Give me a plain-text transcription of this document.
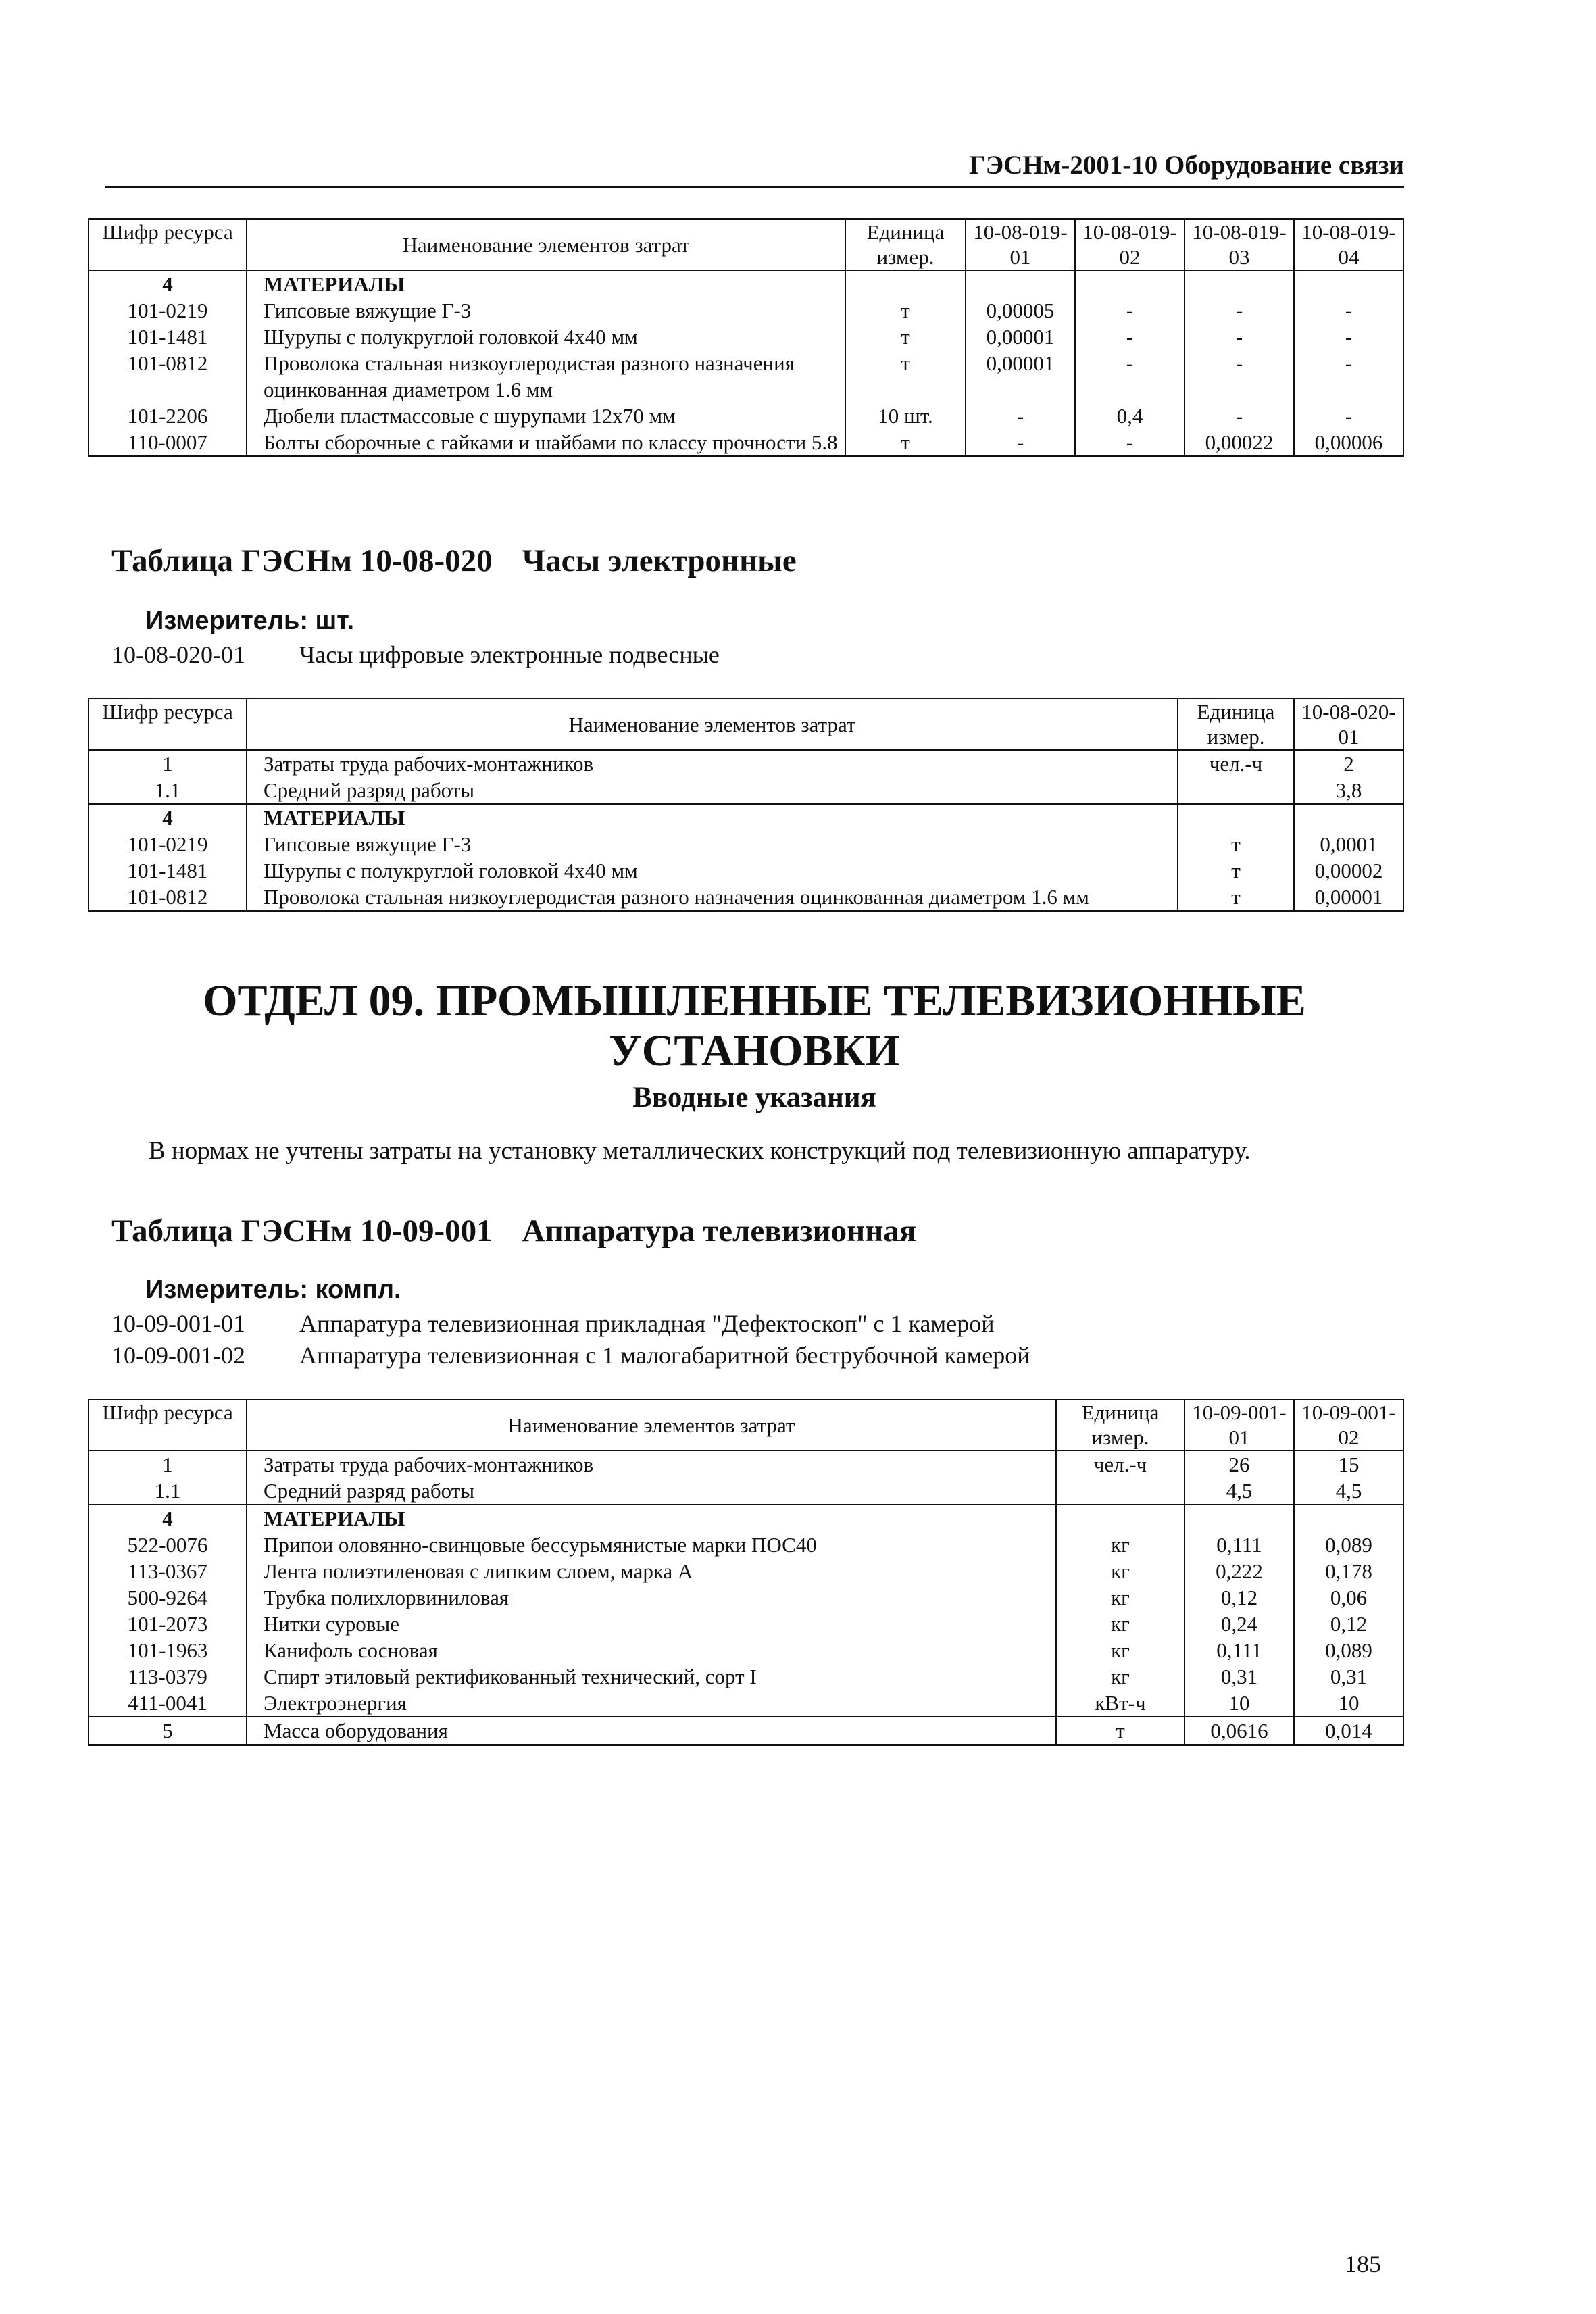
ГЭСНм-2001-10 Оборудование связи
Шифр ресурса	Наименование элементов затрат	Единица измер.	10-08-019-01	10-08-019-02	10-08-019-03	10-08-019-04
4	МАТЕРИАЛЫ					
101-0219	Гипсовые вяжущие Г-3	т	0,00005	-	-	-
101-1481	Шурупы с полукруглой головкой 4х40 мм	т	0,00001	-	-	-
101-0812	Проволока стальная низкоуглеродистая разного назначения оцинкованная диаметром 1.6 мм	т	0,00001	-	-	-
101-2206	Дюбели пластмассовые с шурупами 12х70 мм	10 шт.	-	0,4	-	-
110-0007	Болты сборочные с гайками и шайбами по классу прочности 5.8	т	-	-	0,00022	0,00006
Таблица ГЭСНм 10-08-020 Часы электронные
Измеритель: шт.
10-08-020-01 Часы цифровые электронные подвесные
Шифр ресурса	Наименование элементов затрат	Единица измер.	10-08-020-01
1	Затраты труда рабочих-монтажников	чел.-ч	2
1.1	Средний разряд работы		3,8
4	МАТЕРИАЛЫ		
101-0219	Гипсовые вяжущие Г-3	т	0,0001
101-1481	Шурупы с полукруглой головкой 4х40 мм	т	0,00002
101-0812	Проволока стальная низкоуглеродистая разного назначения оцинкованная диаметром 1.6 мм	т	0,00001
ОТДЕЛ 09. ПРОМЫШЛЕННЫЕ ТЕЛЕВИЗИОННЫЕ УСТАНОВКИ
Вводные указания
В нормах не учтены затраты на установку металлических конструкций под телевизионную аппаратуру.
Таблица ГЭСНм 10-09-001 Аппаратура телевизионная
Измеритель: компл.
10-09-001-01 Аппаратура телевизионная прикладная "Дефектоскоп" с 1 камерой
10-09-001-02 Аппаратура телевизионная с 1 малогабаритной беструбочной камерой
Шифр ресурса	Наименование элементов затрат	Единица измер.	10-09-001-01	10-09-001-02
1	Затраты труда рабочих-монтажников	чел.-ч	26	15
1.1	Средний разряд работы		4,5	4,5
4	МАТЕРИАЛЫ			
522-0076	Припои оловянно-свинцовые бессурьмянистые марки ПОС40	кг	0,111	0,089
113-0367	Лента полиэтиленовая с липким слоем, марка А	кг	0,222	0,178
500-9264	Трубка полихлорвиниловая	кг	0,12	0,06
101-2073	Нитки суровые	кг	0,24	0,12
101-1963	Канифоль сосновая	кг	0,111	0,089
113-0379	Спирт этиловый ректификованный технический, сорт I	кг	0,31	0,31
411-0041	Электроэнергия	кВт-ч	10	10
5	Масса оборудования	т	0,0616	0,014
185
